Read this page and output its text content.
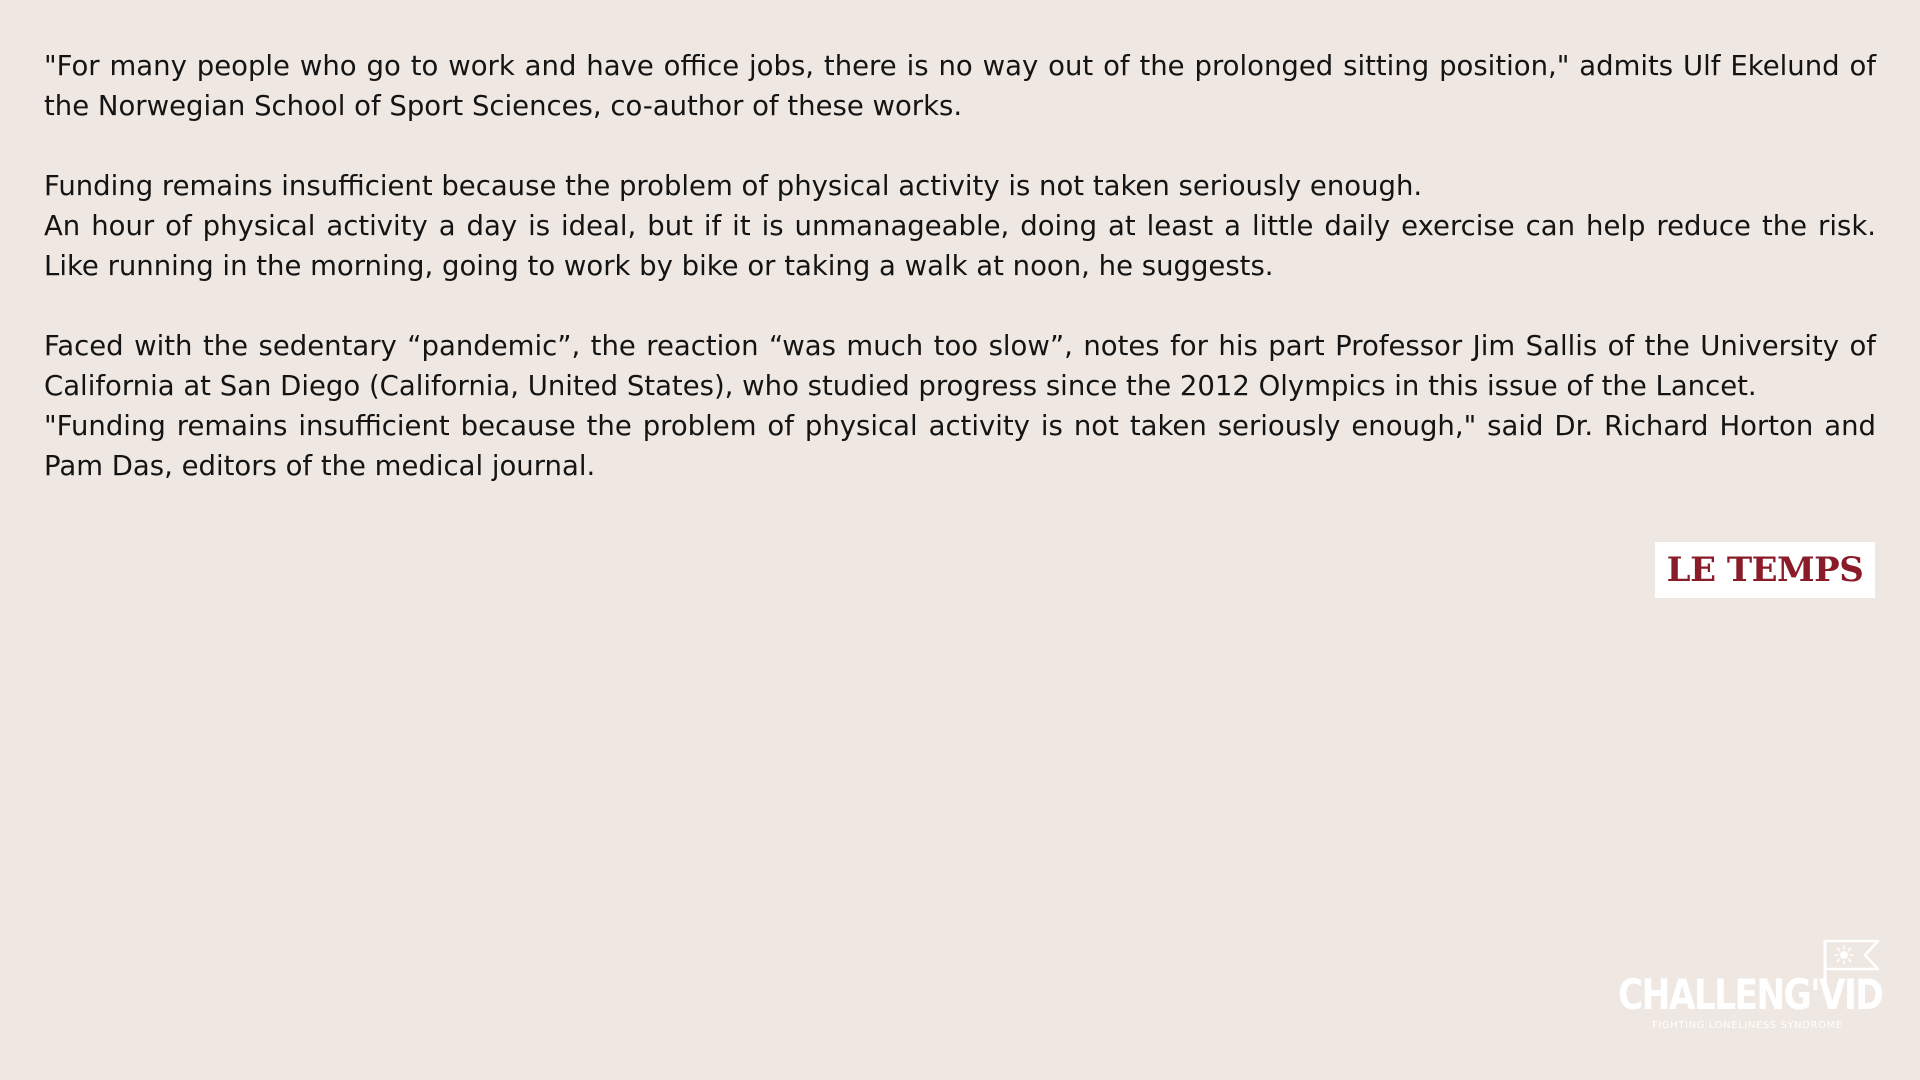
"For many people who go to work and have office jobs, there is no way out of the prolonged sitting position," admits Ulf Ekelund of the Norwegian School of Sport Sciences, co-author of these works.

Funding remains insufficient because the problem of physical activity is not taken seriously enough.

An hour of physical activity a day is ideal, but if it is unmanageable, doing at least a little daily exercise can help reduce the risk. Like running in the morning, going to work by bike or taking a walk at noon, he suggests.

Faced with the sedentary “pandemic”, the reaction “was much too slow”, notes for his part Professor Jim Sallis of the University of California at San Diego (California, United States), who studied progress since the 2012 Olympics in this issue of the Lancet.

"Funding remains insufficient because the problem of physical activity is not taken seriously enough," said Dr. Richard Horton and Pam Das, editors of the medical journal.

LE TEMPS
CHALLENG'VID
FIGHTING LONELINESS SYNDROME
